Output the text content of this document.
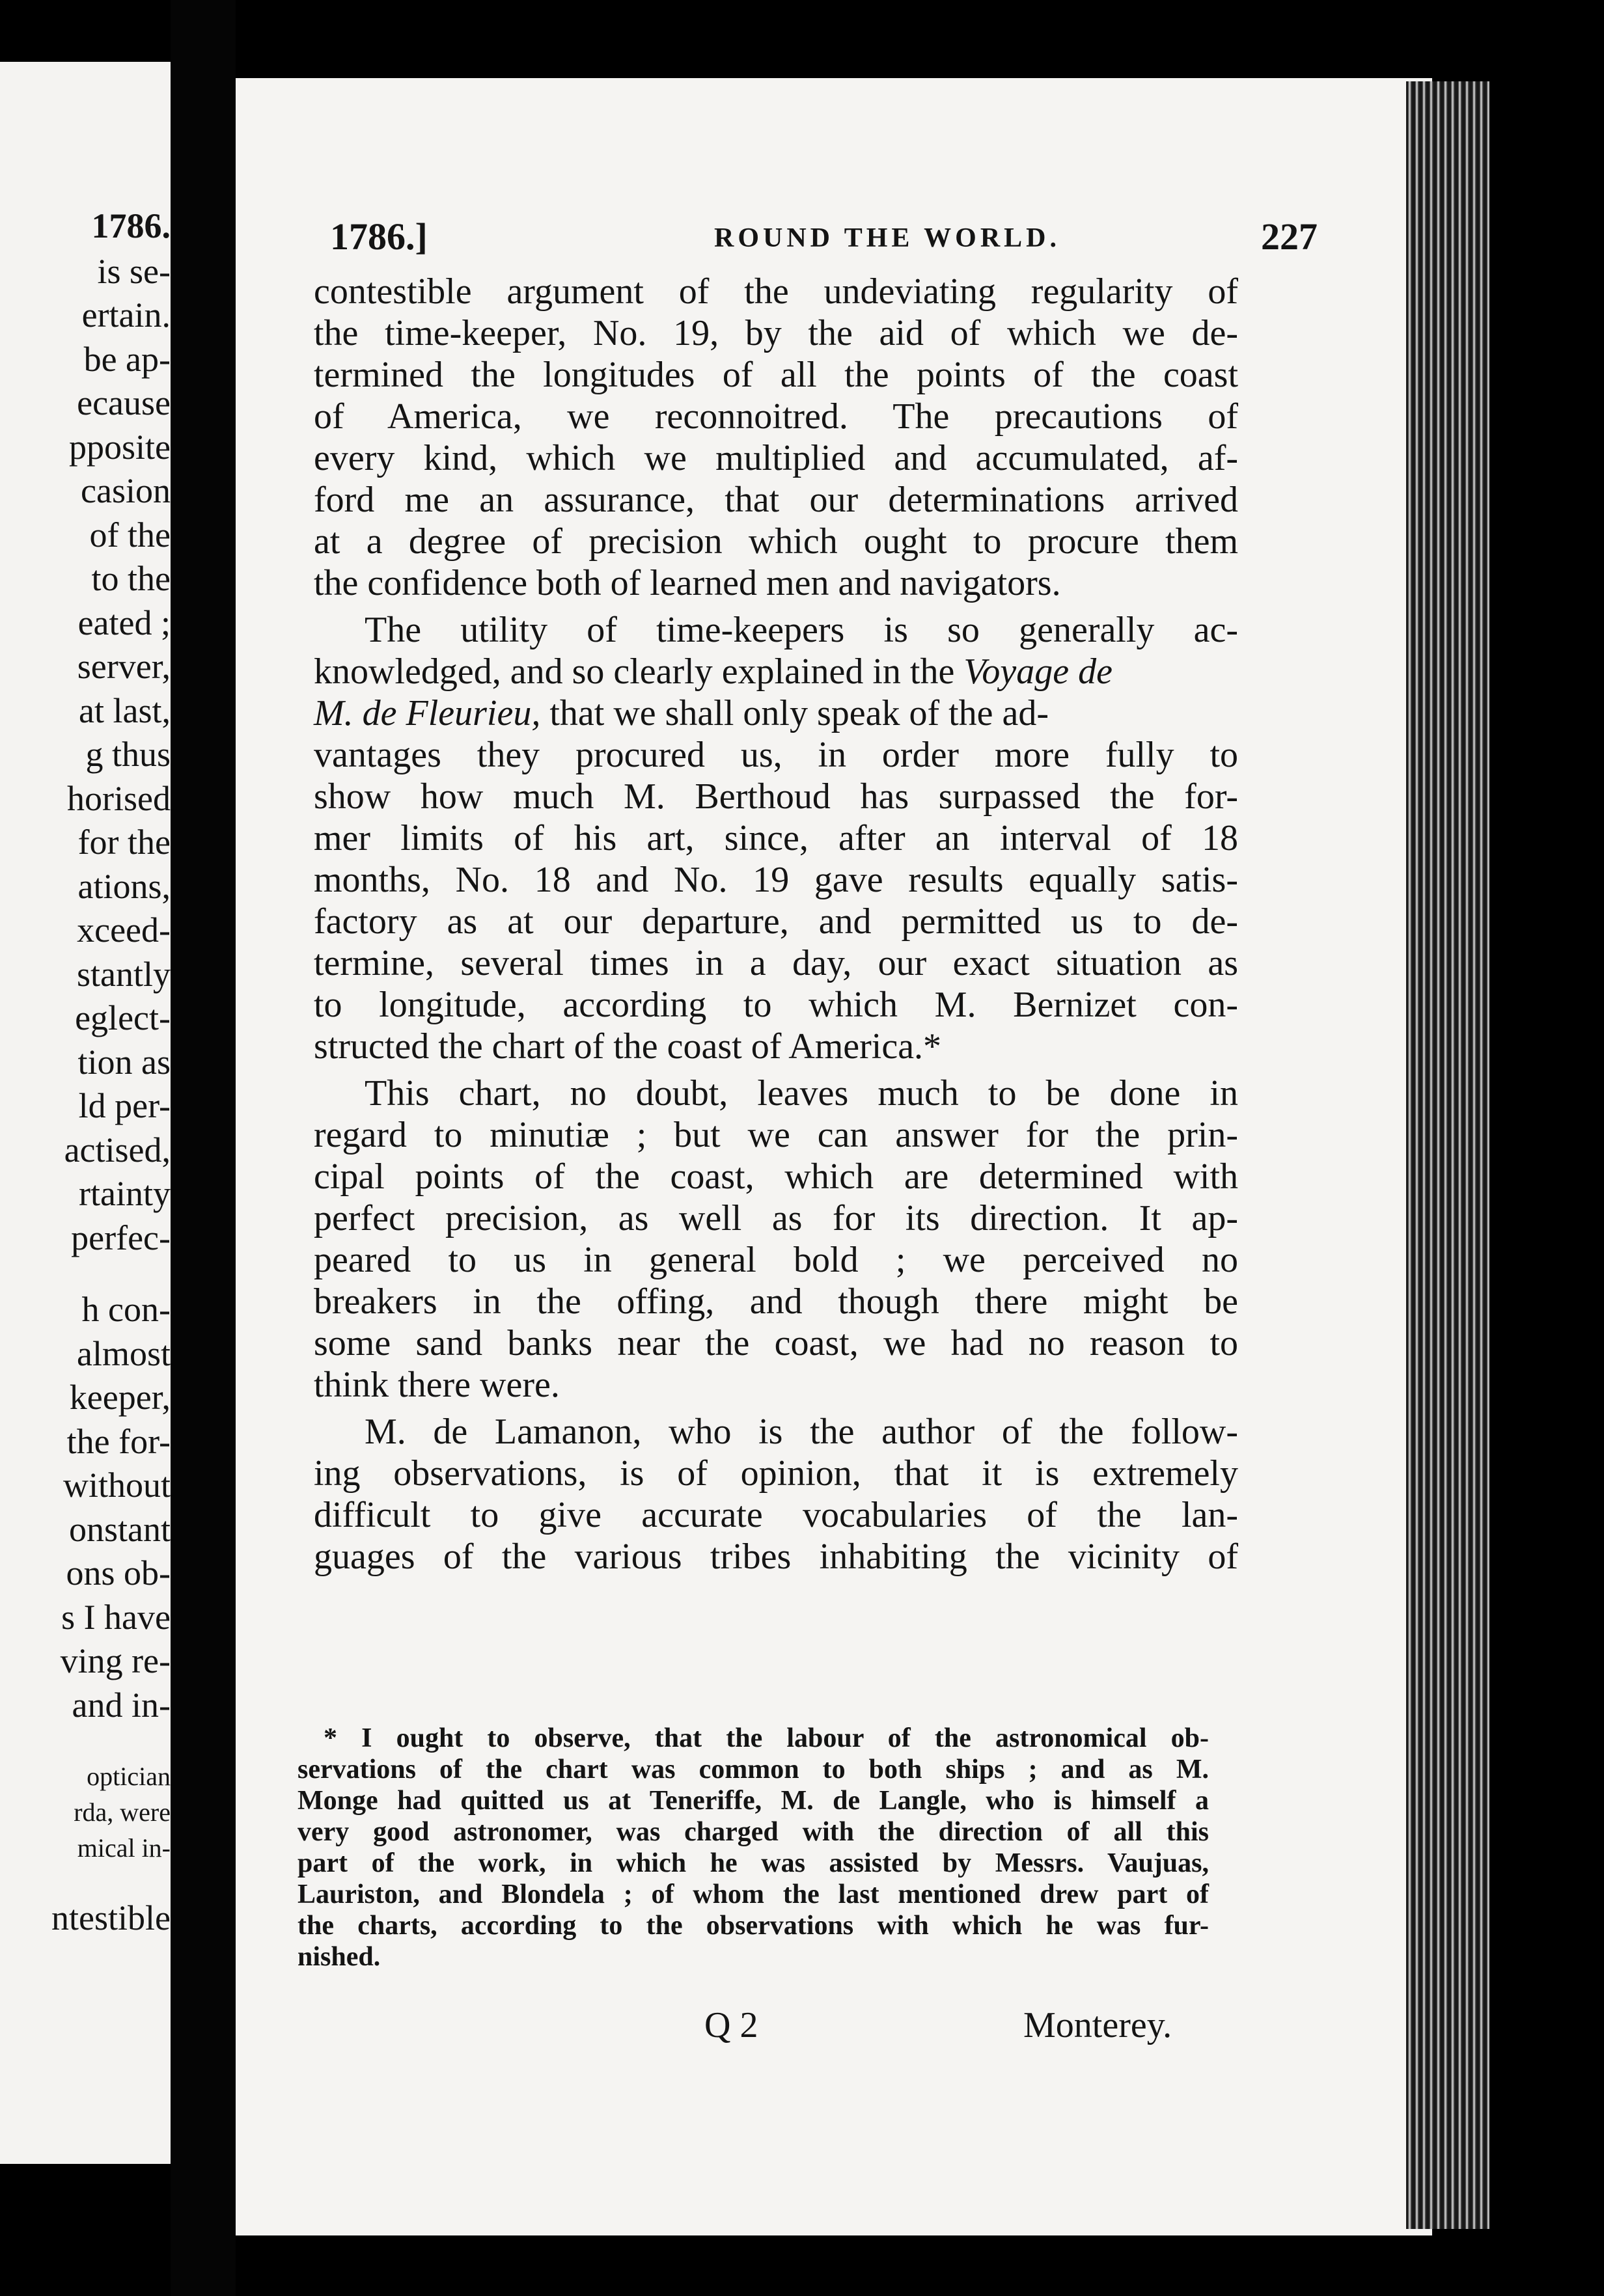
1786.
is se-
ertain.
be ap-
ecause
pposite
casion
of the
to the
eated ;
server,
at last,
g thus
horised
for the
ations,
xceed-
stantly
eglect-
tion as
ld per-
actised,
rtainty
perfec-
h con-
almost
keeper,
the for-
without
onstant
ons ob-
s I have
ving re-
and in-
optician
rda, were
mical in-
ntestible
1786.]	ROUND THE WORLD.	227
contestible argument of the undeviating regularity of
the time-keeper, No. 19, by the aid of which we de-
termined the longitudes of all the points of the coast
of America, we reconnoitred. The precautions of
every kind, which we multiplied and accumulated, af-
ford me an assurance, that our determinations arrived
at a degree of precision which ought to procure them
the confidence both of learned men and navigators.
The utility of time-keepers is so generally ac-
knowledged, and so clearly explained in the Voyage de
M. de Fleurieu, that we shall only speak of the ad-
vantages they procured us, in order more fully to
show how much M. Berthoud has surpassed the for-
mer limits of his art, since, after an interval of 18
months, No. 18 and No. 19 gave results equally satis-
factory as at our departure, and permitted us to de-
termine, several times in a day, our exact situation as
to longitude, according to which M. Bernizet con-
structed the chart of the coast of America.*
This chart, no doubt, leaves much to be done in
regard to minutiæ ; but we can answer for the prin-
cipal points of the coast, which are determined with
perfect precision, as well as for its direction. It ap-
peared to us in general bold ; we perceived no
breakers in the offing, and though there might be
some sand banks near the coast, we had no reason to
think there were.
M. de Lamanon, who is the author of the follow-
ing observations, is of opinion, that it is extremely
difficult to give accurate vocabularies of the lan-
guages of the various tribes inhabiting the vicinity of
* I ought to observe, that the labour of the astronomical ob-
servations of the chart was common to both ships ; and as M.
Monge had quitted us at Teneriffe, M. de Langle, who is himself a
very good astronomer, was charged with the direction of all this
part of the work, in which he was assisted by Messrs. Vaujuas,
Lauriston, and Blondela ; of whom the last mentioned drew part of
the charts, according to the observations with which he was fur-
nished.
Q 2	Monterey.
